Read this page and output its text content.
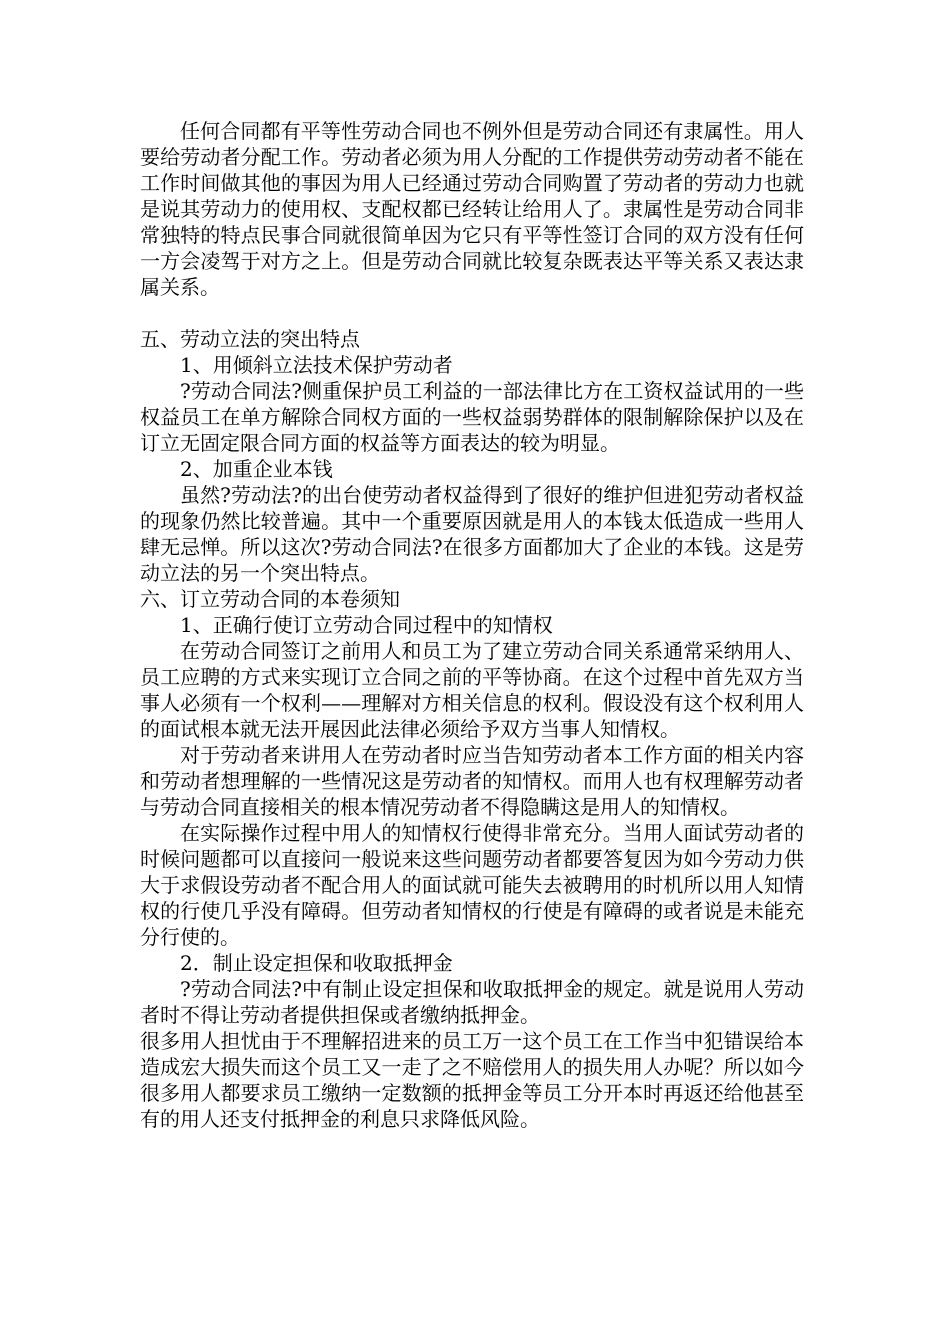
任何合同都有平等性劳动合同也不例外但是劳动合同还有隶属性。用人要给劳动者分配工作。劳动者必须为用人分配的工作提供劳动劳动者不能在工作时间做其他的事因为用人已经通过劳动合同购置了劳动者的劳动力也就是说其劳动力的使用权、支配权都已经转让给用人了。隶属性是劳动合同非常独特的特点民事合同就很简单因为它只有平等性签订合同的双方没有任何一方会凌驾于对方之上。但是劳动合同就比较复杂既表达平等关系又表达隶属关系。

五、劳动立法的突出特点

1、用倾斜立法技术保护劳动者

?劳动合同法?侧重保护员工利益的一部法律比方在工资权益试用的一些权益员工在单方解除合同权方面的一些权益弱势群体的限制解除保护以及在订立无固定限合同方面的权益等方面表达的较为明显。

2、加重企业本钱

虽然?劳动法?的出台使劳动者权益得到了很好的维护但进犯劳动者权益的现象仍然比较普遍。其中一个重要原因就是用人的本钱太低造成一些用人肆无忌惮。所以这次?劳动合同法?在很多方面都加大了企业的本钱。这是劳动立法的另一个突出特点。

六、订立劳动合同的本卷须知

1、正确行使订立劳动合同过程中的知情权

在劳动合同签订之前用人和员工为了建立劳动合同关系通常采纳用人、员工应聘的方式来实现订立合同之前的平等协商。在这个过程中首先双方当事人必须有一个权利——理解对方相关信息的权利。假设没有这个权利用人的面试根本就无法开展因此法律必须给予双方当事人知情权。

对于劳动者来讲用人在劳动者时应当告知劳动者本工作方面的相关内容和劳动者想理解的一些情况这是劳动者的知情权。而用人也有权理解劳动者与劳动合同直接相关的根本情况劳动者不得隐瞒这是用人的知情权。

在实际操作过程中用人的知情权行使得非常充分。当用人面试劳动者的时候问题都可以直接问一般说来这些问题劳动者都要答复因为如今劳动力供大于求假设劳动者不配合用人的面试就可能失去被聘用的时机所以用人知情权的行使几乎没有障碍。但劳动者知情权的行使是有障碍的或者说是未能充分行使的。

2．制止设定担保和收取抵押金

?劳动合同法?中有制止设定担保和收取抵押金的规定。就是说用人劳动者时不得让劳动者提供担保或者缴纳抵押金。

很多用人担忧由于不理解招进来的员工万一这个员工在工作当中犯错误给本造成宏大损失而这个员工又一走了之不赔偿用人的损失用人办呢？所以如今很多用人都要求员工缴纳一定数额的抵押金等员工分开本时再返还给他甚至有的用人还支付抵押金的利息只求降低风险。
